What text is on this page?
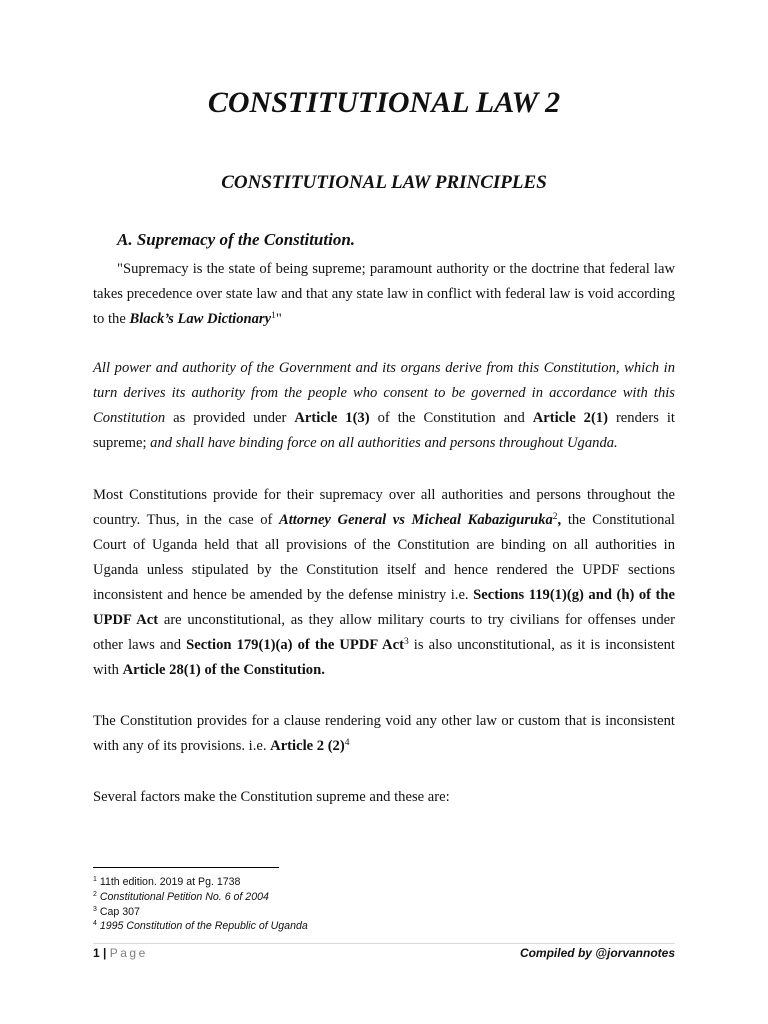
CONSTITUTIONAL LAW 2
CONSTITUTIONAL LAW PRINCIPLES
A. Supremacy of the Constitution.

"Supremacy is the state of being supreme; paramount authority or the doctrine that federal law takes precedence over state law and that any state law in conflict with federal law is void according to the Black’s Law Dictionary$^1$"

All power and authority of the Government and its organs derive from this Constitution, which in turn derives its authority from the people who consent to be governed in accordance with this Constitution as provided under Article 1(3) of the Constitution and Article 2(1) renders it supreme; and shall have binding force on all authorities and persons throughout Uganda.

Most Constitutions provide for their supremacy over all authorities and persons throughout the country. Thus, in the case of Attorney General vs Micheal Kabaziguruka$^2$, the Constitutional Court of Uganda held that all provisions of the Constitution are binding on all authorities in Uganda unless stipulated by the Constitution itself and hence rendered the UPDF sections inconsistent and hence be amended by the defense ministry i.e. Sections 119(1)(g) and (h) of the UPDF Act are unconstitutional, as they allow military courts to try civilians for offenses under other laws and Section 179(1)(a) of the UPDF Act$^3$ is also unconstitutional, as it is inconsistent with Article 28(1) of the Constitution.

The Constitution provides for a clause rendering void any other law or custom that is inconsistent with any of its provisions. i.e. Article 2 $(2)^4$

Several factors make the Constitution supreme and these are:

$^1$ 11th edition. 2019 at Pg. 1738
$^2$ Constitutional Petition No. 6 of 2004
$^3$ Cap 307
$^4$ 1995 Constitution of the Republic of Uganda
1 | Page	Compiled by @jorvannotes
